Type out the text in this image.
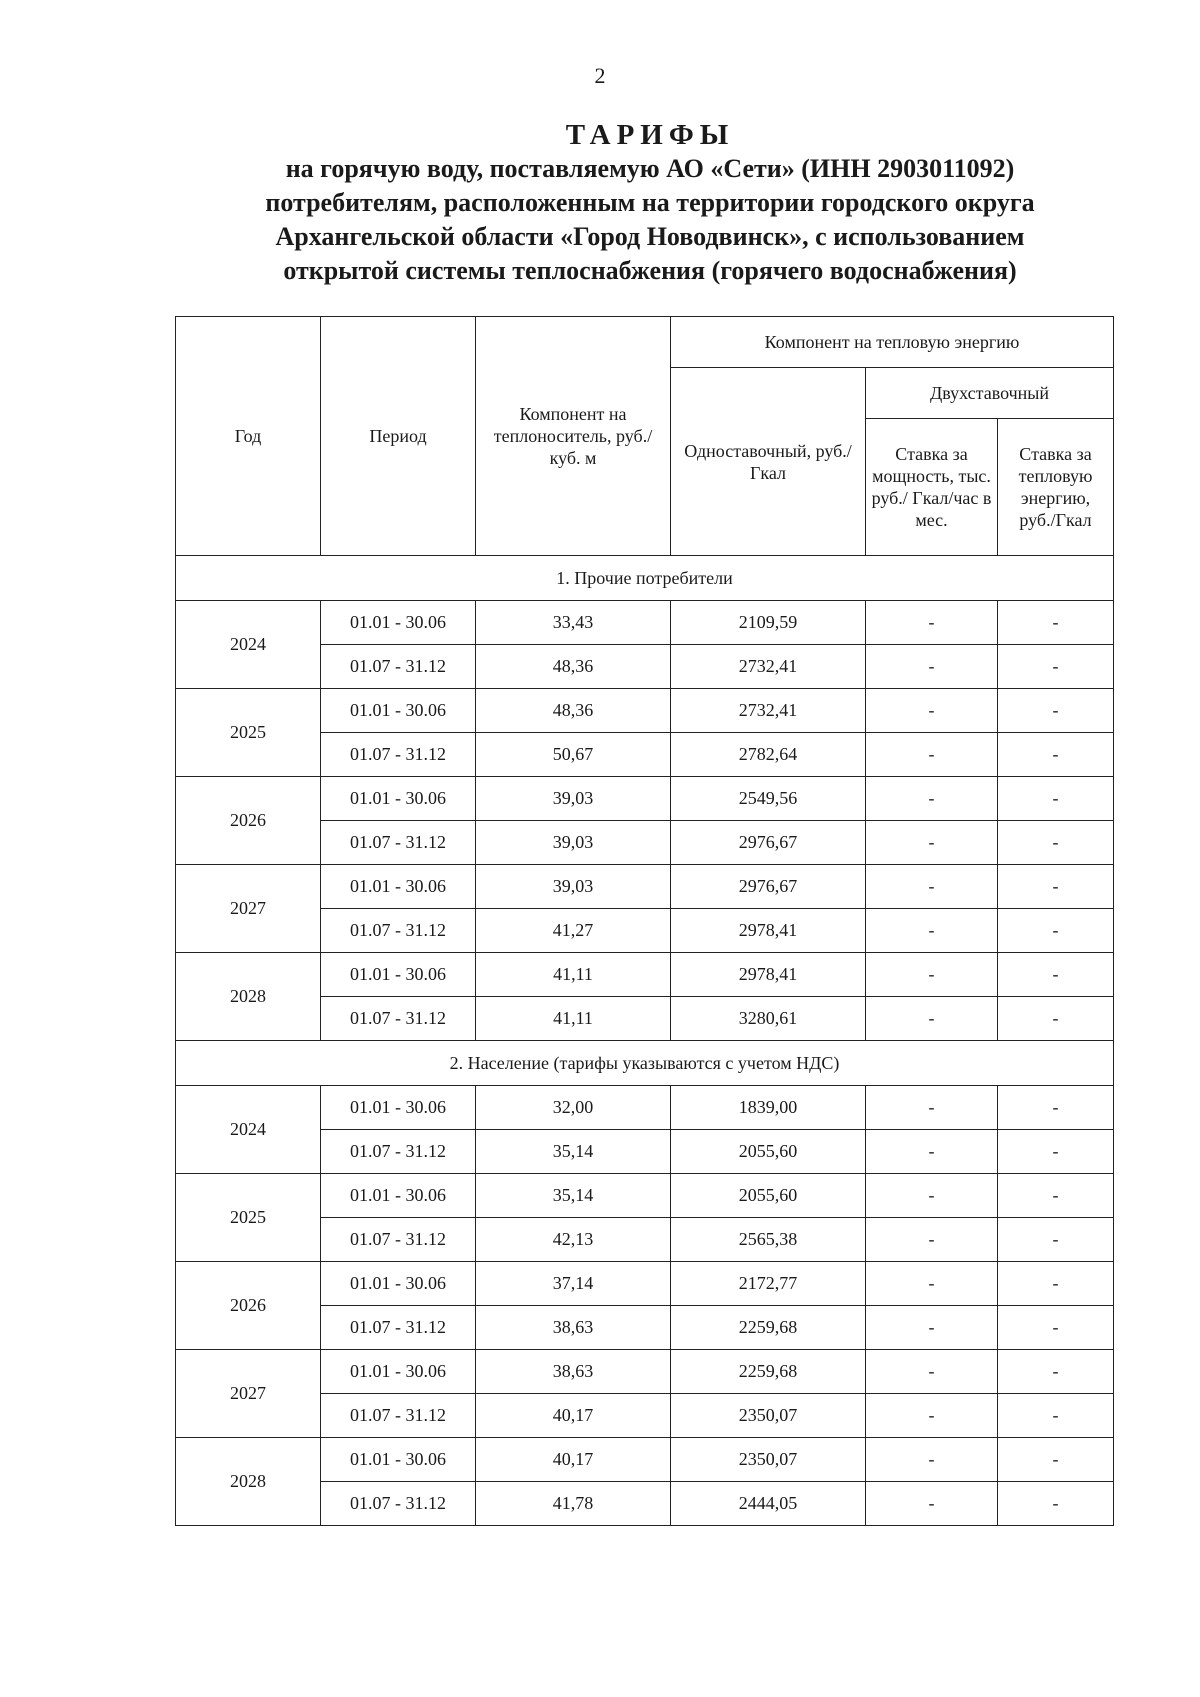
2
ТАРИФЫ
на горячую воду, поставляемую АО «Сети» (ИНН 2903011092)
потребителям, расположенным на территории городского округа
Архангельской области «Город Новодвинск», с использованием
открытой системы теплоснабжения (горячего водоснабжения)
Год	Период	Компонент на теплоноситель, руб./куб. м	Компонент на тепловую энергию		
			Одноставочный, руб./Гкал	Двухставочный	
				Ставка за мощность, тыс. руб./ Гкал/час в мес.	Ставка за тепловую энергию, руб./Гкал
1. Прочие потребители					
2024	01.01 - 30.06	33,43	2109,59	-	-
	01.07 - 31.12	48,36	2732,41	-	-
2025	01.01 - 30.06	48,36	2732,41	-	-
	01.07 - 31.12	50,67	2782,64	-	-
2026	01.01 - 30.06	39,03	2549,56	-	-
	01.07 - 31.12	39,03	2976,67	-	-
2027	01.01 - 30.06	39,03	2976,67	-	-
	01.07 - 31.12	41,27	2978,41	-	-
2028	01.01 - 30.06	41,11	2978,41	-	-
	01.07 - 31.12	41,11	3280,61	-	-
2. Население (тарифы указываются с учетом НДС)					
2024	01.01 - 30.06	32,00	1839,00	-	-
	01.07 - 31.12	35,14	2055,60	-	-
2025	01.01 - 30.06	35,14	2055,60	-	-
	01.07 - 31.12	42,13	2565,38	-	-
2026	01.01 - 30.06	37,14	2172,77	-	-
	01.07 - 31.12	38,63	2259,68	-	-
2027	01.01 - 30.06	38,63	2259,68	-	-
	01.07 - 31.12	40,17	2350,07	-	-
2028	01.01 - 30.06	40,17	2350,07	-	-
	01.07 - 31.12	41,78	2444,05	-	-
